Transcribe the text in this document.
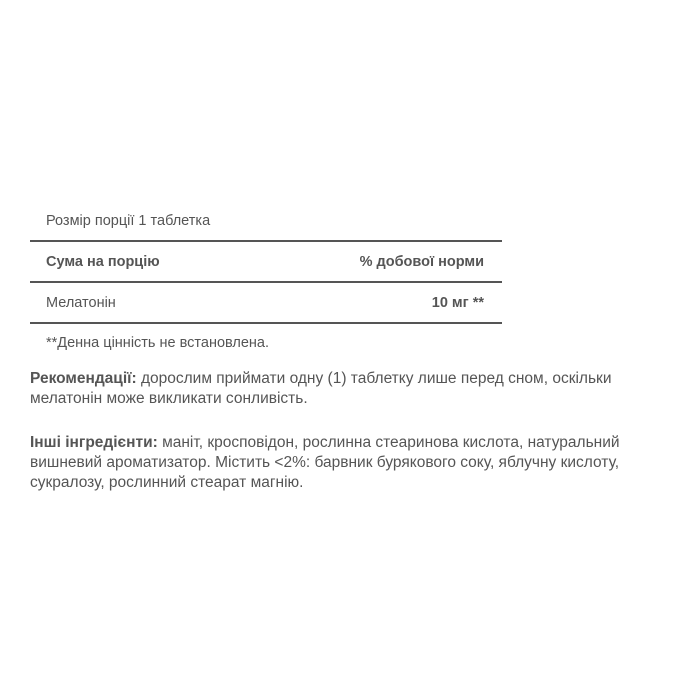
Розмір порції 1 таблетка
Сума на порцію	% добової норми
Мелатонін	10 мг **
**Денна цінність не встановлена.

Рекомендації: дорослим приймати одну (1) таблетку лише перед сном, оскільки мелатонін може викликати сонливість.

Інші інгредієнти: маніт, кросповідон, рослинна стеаринова кислота, натуральний вишневий ароматизатор. Містить <2%: барвник бурякового соку, яблучну кислоту, сукралозу, рослинний стеарат магнію.
